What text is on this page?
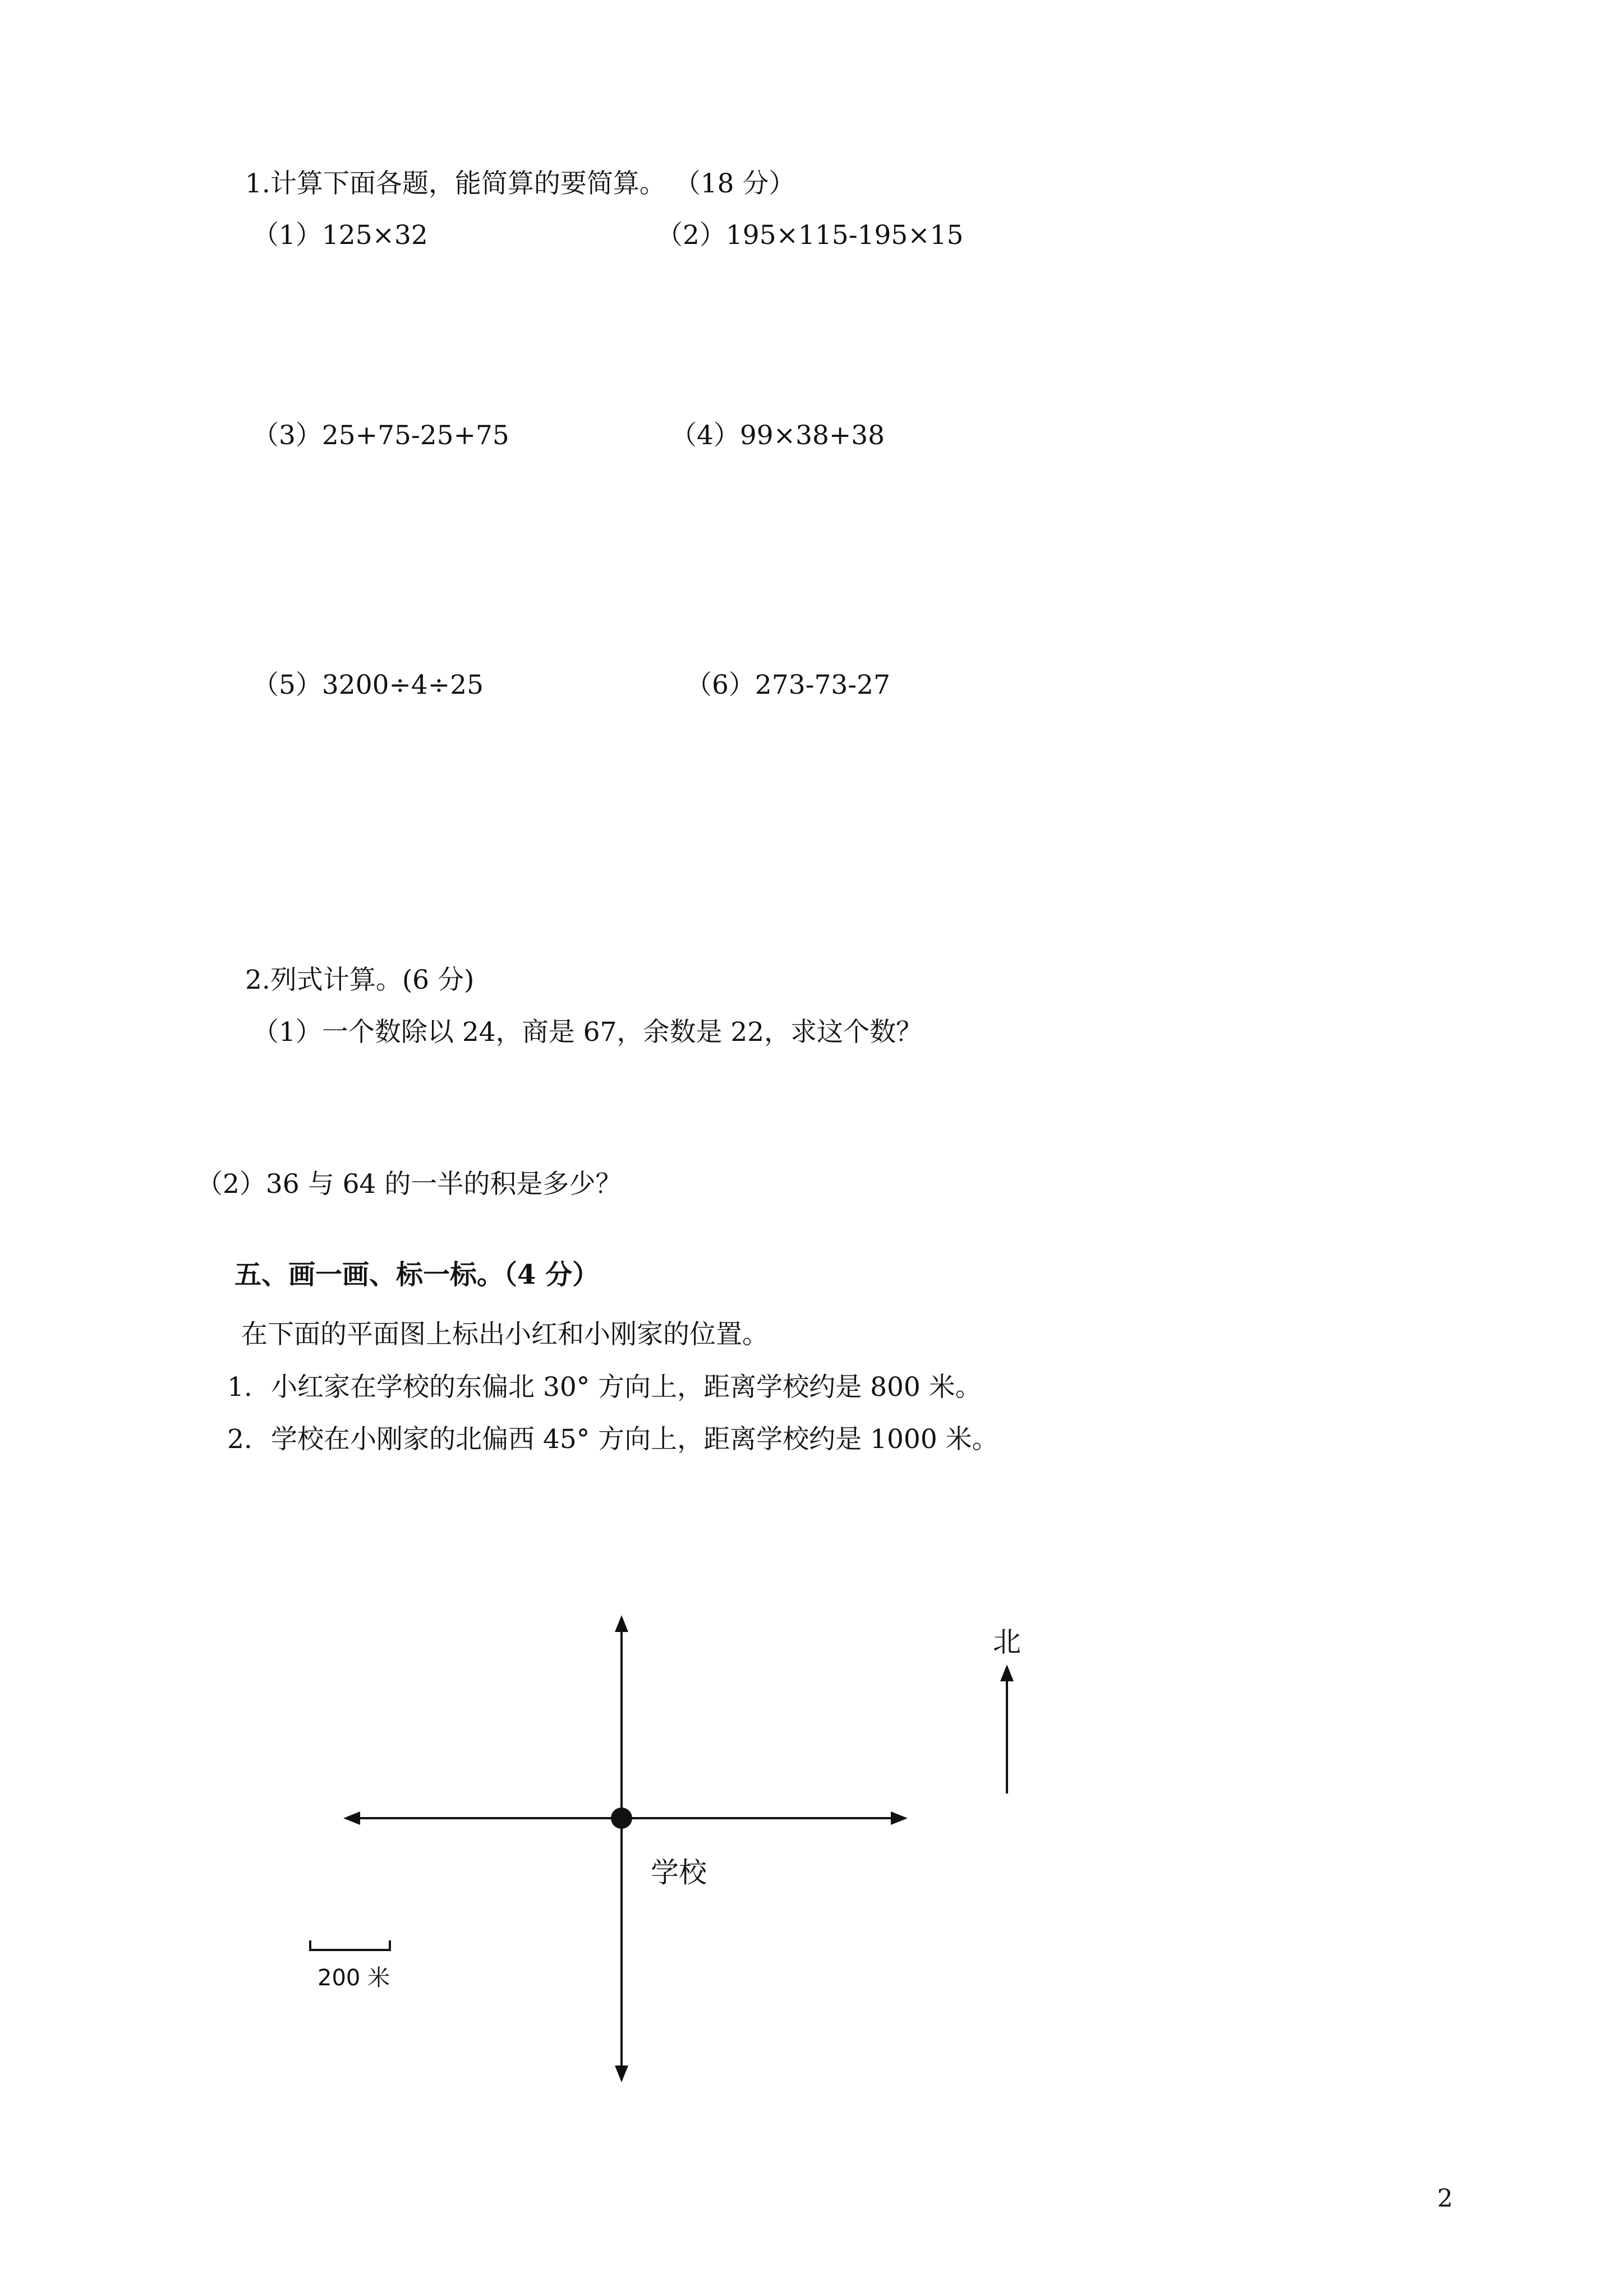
1.计算下面各题，能简算的要简算。 （18 分）

（1）125×32	（2）195×115-195×15

（3）25+75-25+75	（4）99×38+38

（5）3200÷4÷25	（6）273-73-27

2.列式计算。(6 分)

（1）一个数除以 24，商是 67，余数是 22，求这个数？

（2）36 与 64 的一半的积是多少？

五、画一画、标一标。（4 分）

在下面的平面图上标出小红和小刚家的位置。

1. 小红家在学校的东偏北 30° 方向上，距离学校约是 800 米。

2. 学校在小刚家的北偏西 45° 方向上，距离学校约是 1000 米。

北
学校
200 米
2
